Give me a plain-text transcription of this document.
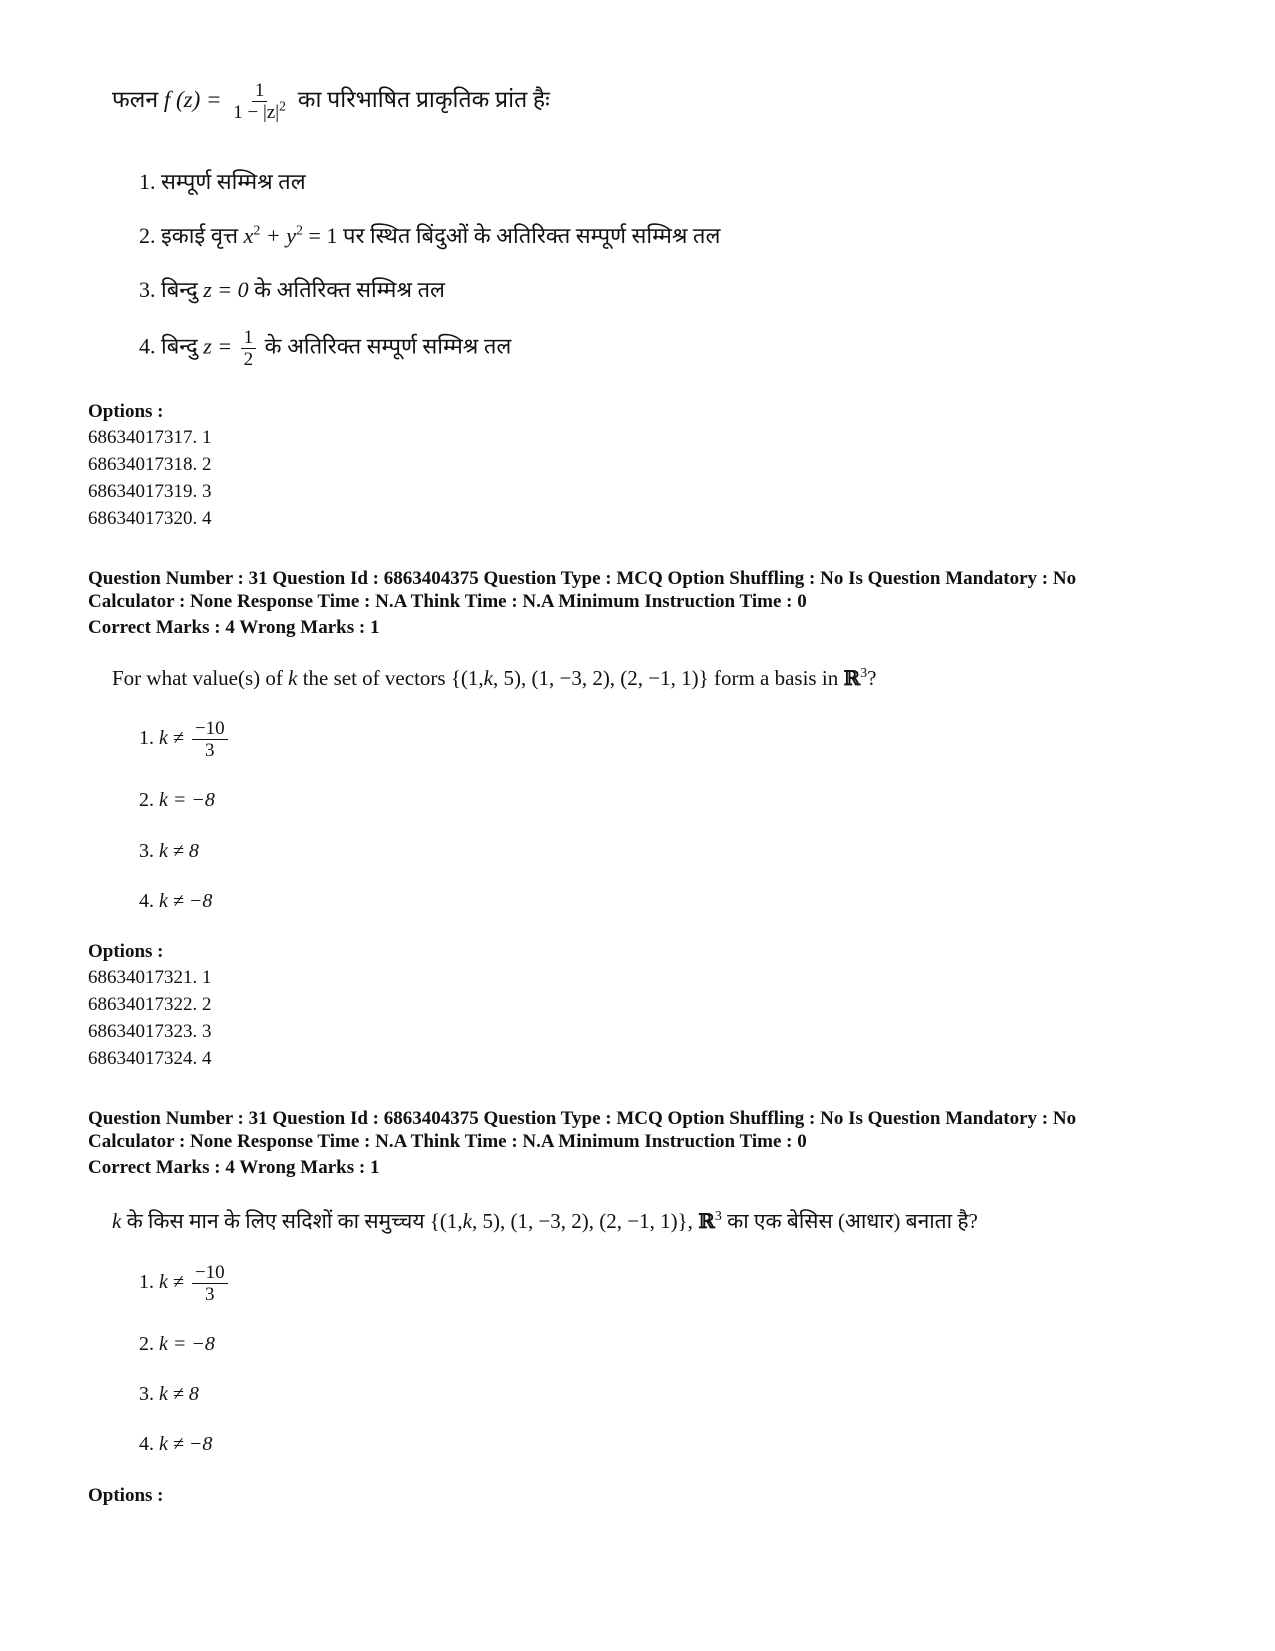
फलन f $(z) = \frac{1}{1 - |z|^2}$ का परिभाषित प्राकृतिक प्रांत हैः
1. सम्पूर्ण सम्मिश्र तल
2. इकाई वृत्त $x^2 + y^2 = 1$ पर स्थित बिंदुओं के अतिरिक्त सम्पूर्ण सम्मिश्र तल
3. बिन्दु z = 0 के अतिरिक्त सम्मिश्र तल
4. बिन्दु $z = \frac{1}{2}$ के अतिरिक्त सम्पूर्ण सम्मिश्र तल
Options :
68634017317. 1
68634017318. 2
68634017319. 3
68634017320. 4
Question Number : 31 Question Id : 6863404375 Question Type : MCQ Option Shuffling : No Is Question Mandatory : No
Calculator : None Response Time : N.A Think Time : N.A Minimum Instruction Time : 0
Correct Marks : 4 Wrong Marks : 1
For what value(s) of k the set of vectors {(1,k, 5), (1, −3, 2), (2, −1, 1)} form a basis in ℝ$^3$?
1. $k \ne \frac{-10}{3}$
2. k = −8
3. k ≠ 8
4. k ≠ −8
Options :
68634017321. 1
68634017322. 2
68634017323. 3
68634017324. 4
Question Number : 31 Question Id : 6863404375 Question Type : MCQ Option Shuffling : No Is Question Mandatory : No
Calculator : None Response Time : N.A Think Time : N.A Minimum Instruction Time : 0
Correct Marks : 4 Wrong Marks : 1
k के किस मान के लिए सदिशों का समुच्चय {(1,k, 5), (1, −3, 2), (2, −1, 1)}, ℝ$^3$ का एक बेसिस (आधार) बनाता है?
1. $k \ne \frac{-10}{3}$
2. k = −8
3. k ≠ 8
4. k ≠ −8
Options :
